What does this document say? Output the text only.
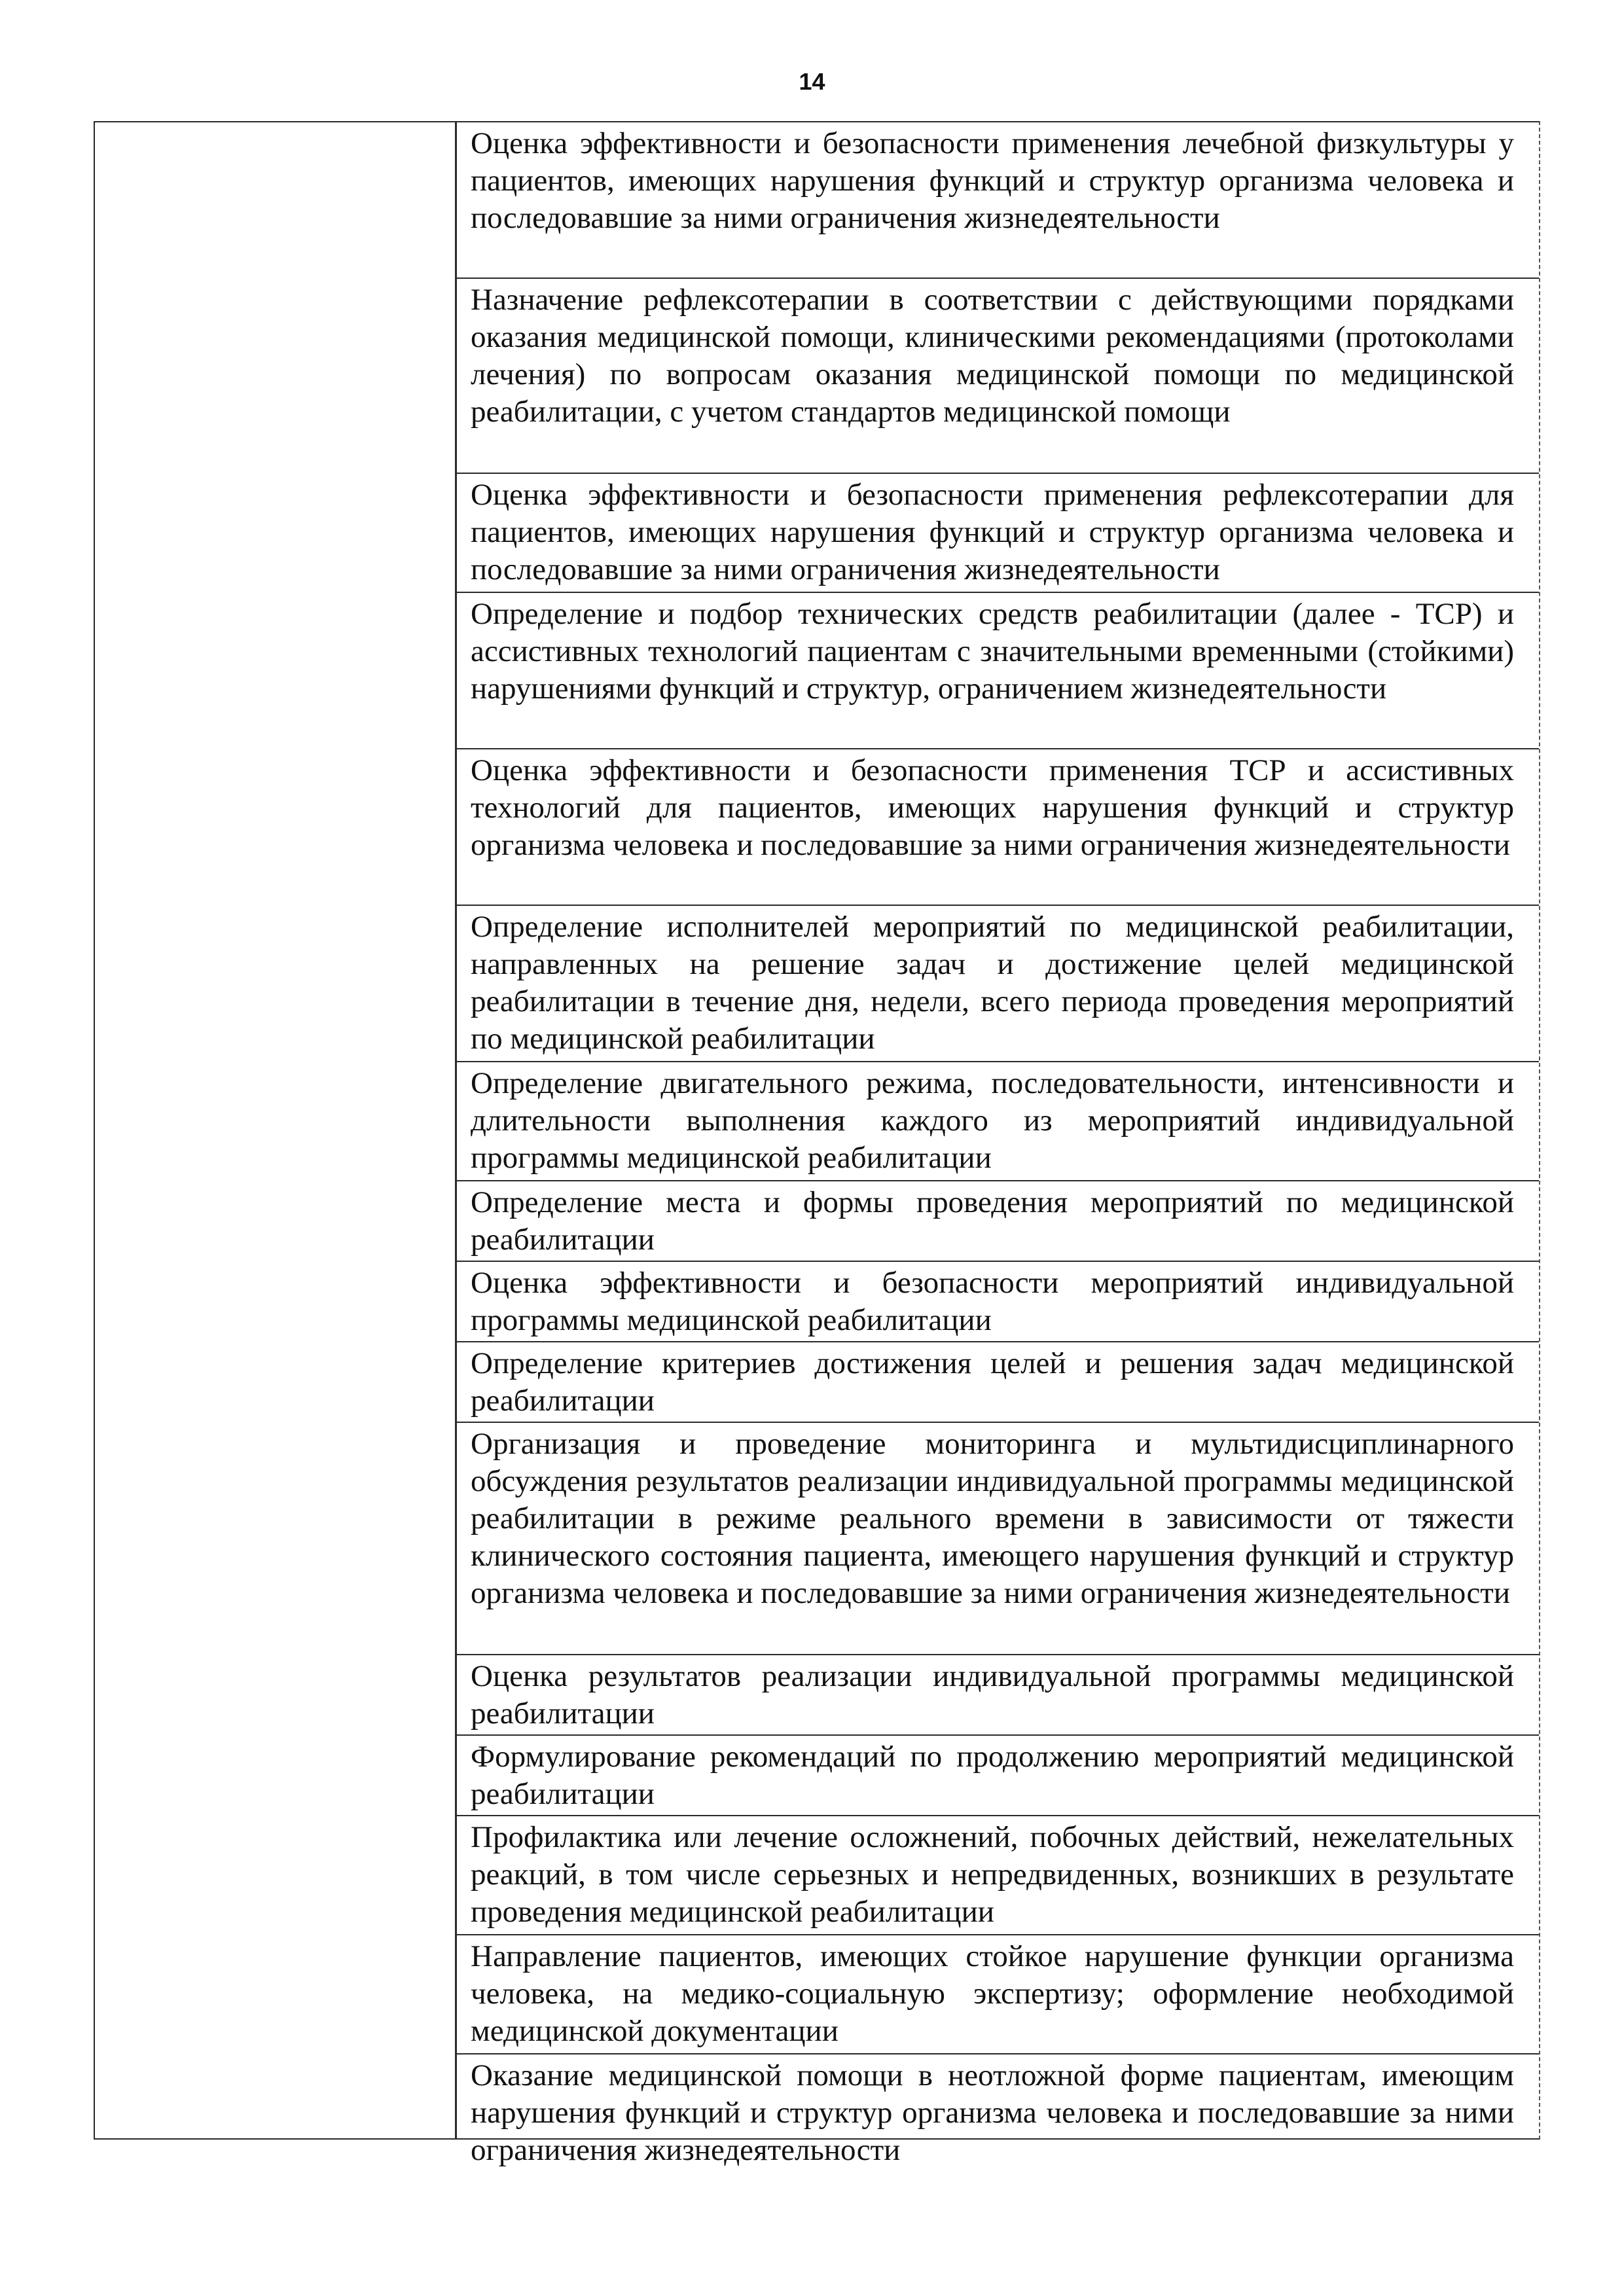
14
Оценка эффективности и безопасности применения лечебной физкультуры у пациентов, имеющих нарушения функций и структур организма человека и последовавшие за ними ограничения жизнедеятельности
Назначение рефлексотерапии в соответствии с действующими порядками оказания медицинской помощи, клиническими рекомендациями (протоколами лечения) по вопросам оказания медицинской помощи по медицинской реабилитации, с учетом стандартов медицинской помощи
Оценка эффективности и безопасности применения рефлексотерапии для пациентов, имеющих нарушения функций и структур организма человека и последовавшие за ними ограничения жизнедеятельности
Определение и подбор технических средств реабилитации (далее - ТСР) и ассистивных технологий пациентам с значительными временными (стойкими) нарушениями функций и структур, ограничением жизнедеятельности
Оценка эффективности и безопасности применения ТСР и ассистивных технологий для пациентов, имеющих нарушения функций и структур организма человека и последовавшие за ними ограничения жизнедеятельности
Определение исполнителей мероприятий по медицинской реабилитации, направленных на решение задач и достижение целей медицинской реабилитации в течение дня, недели, всего периода проведения мероприятий по медицинской реабилитации
Определение двигательного режима, последовательности, интенсивности и длительности выполнения каждого из мероприятий индивидуальной программы медицинской реабилитации
Определение места и формы проведения мероприятий по медицинской реабилитации
Оценка эффективности и безопасности мероприятий индивидуальной программы медицинской реабилитации
Определение критериев достижения целей и решения задач медицинской реабилитации
Организация и проведение мониторинга и мультидисциплинарного обсуждения результатов реализации индивидуальной программы медицинской реабилитации в режиме реального времени в зависимости от тяжести клинического состояния пациента, имеющего нарушения функций и структур организма человека и последовавшие за ними ограничения жизнедеятельности
Оценка результатов реализации индивидуальной программы медицинской реабилитации
Формулирование рекомендаций по продолжению мероприятий медицинской реабилитации
Профилактика или лечение осложнений, побочных действий, нежелательных реакций, в том числе серьезных и непредвиденных, возникших в результате проведения медицинской реабилитации
Направление пациентов, имеющих стойкое нарушение функции организма человека, на медико-социальную экспертизу; оформление необходимой медицинской документации
Оказание медицинской помощи в неотложной форме пациентам, имеющим нарушения функций и структур организма человека и последовавшие за ними ограничения жизнедеятельности
